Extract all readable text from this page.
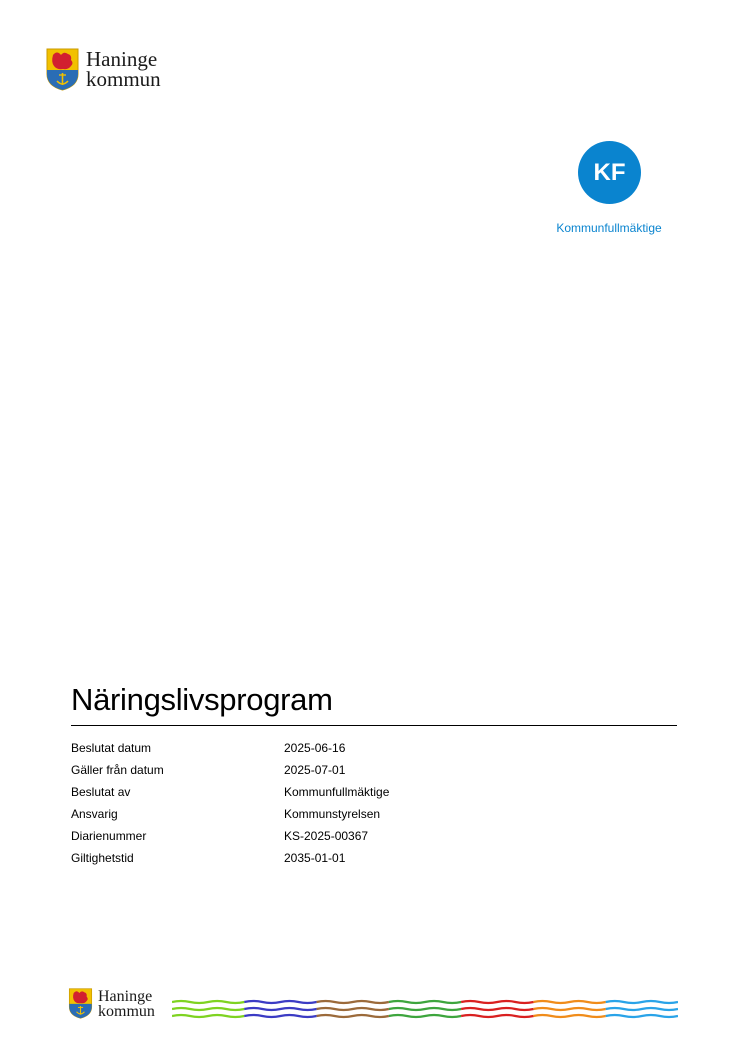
Haninge
kommun
KF
Kommunfullmäktige
Näringslivsprogram
Beslutat datum	2025-06-16
Gäller från datum	2025-07-01
Beslutat av	Kommunfullmäktige
Ansvarig	Kommunstyrelsen
Diarienummer	KS-2025-00367
Giltighetstid	2035-01-01
Haninge
kommun
